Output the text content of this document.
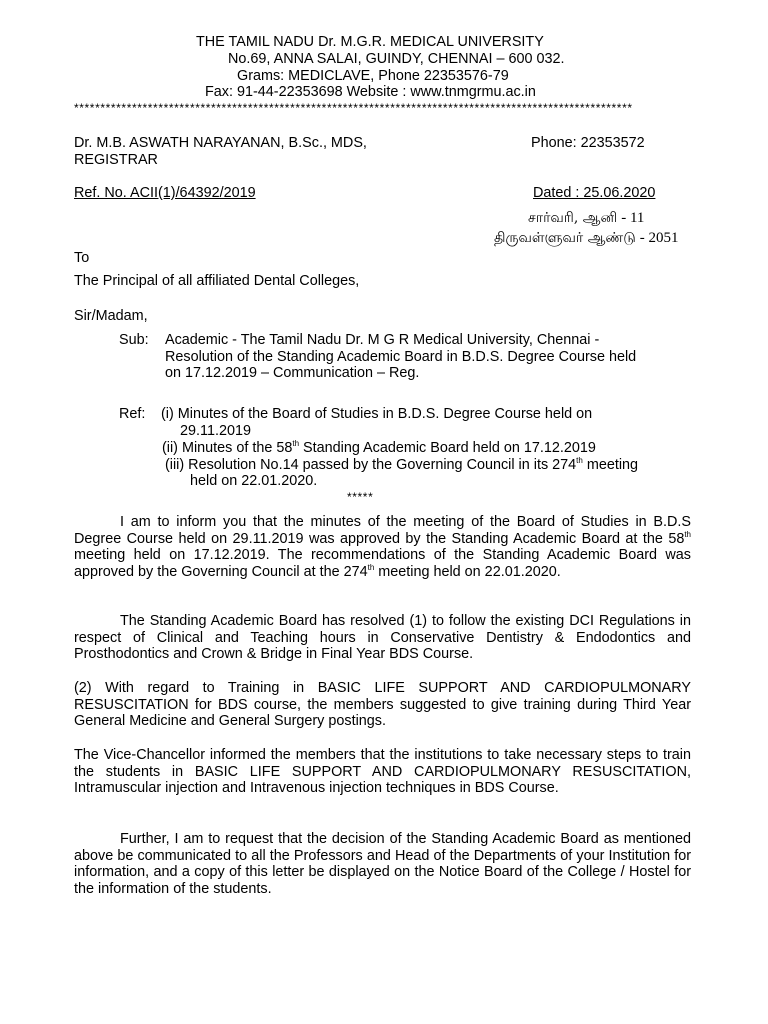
THE TAMIL NADU Dr. M.G.R. MEDICAL UNIVERSITY
No.69, ANNA SALAI, GUINDY, CHENNAI – 600 032.
Grams: MEDICLAVE, Phone 22353576-79
Fax: 91-44-22353698 Website : www.tnmgrmu.ac.in
**********************************************************************************************************
Dr. M.B. ASWATH NARAYANAN, B.Sc., MDS,
REGISTRAR
Phone: 22353572
Ref. No. ACII(1)/64392/2019	Dated : 25.06.2020
சார்வரி, ஆனி - 11
திருவள்ளுவர் ஆண்டு - 2051
To
The Principal of all affiliated Dental Colleges,
Sir/Madam,
Sub: Academic - The Tamil Nadu Dr. M G R Medical University, Chennai -
Resolution of the Standing Academic Board in B.D.S. Degree Course held
on 17.12.2019 – Communication – Reg.
Ref: (i) Minutes of the Board of Studies in B.D.S. Degree Course held on
29.11.2019
(ii) Minutes of the 58th Standing Academic Board held on 17.12.2019
(iii) Resolution No.14 passed by the Governing Council in its 274th meeting
held on 22.01.2020.
*****
I am to inform you that the minutes of the meeting of the Board of Studies in B.D.S Degree Course held on 29.11.2019 was approved by the Standing Academic Board at the 58th meeting held on 17.12.2019. The recommendations of the Standing Academic Board was approved by the Governing Council at the 274th meeting held on 22.01.2020.
The Standing Academic Board has resolved (1) to follow the existing DCI Regulations in respect of Clinical and Teaching hours in Conservative Dentistry & Endodontics and Prosthodontics and Crown & Bridge in Final Year BDS Course.
(2) With regard to Training in BASIC LIFE SUPPORT AND CARDIOPULMONARY RESUSCITATION for BDS course, the members suggested to give training during Third Year General Medicine and General Surgery postings.
The Vice-Chancellor informed the members that the institutions to take necessary steps to train the students in BASIC LIFE SUPPORT AND CARDIOPULMONARY RESUSCITATION, Intramuscular injection and Intravenous injection techniques in BDS Course.
Further, I am to request that the decision of the Standing Academic Board as mentioned above be communicated to all the Professors and Head of the Departments of your Institution for information, and a copy of this letter be displayed on the Notice Board of the College / Hostel for the information of the students.
